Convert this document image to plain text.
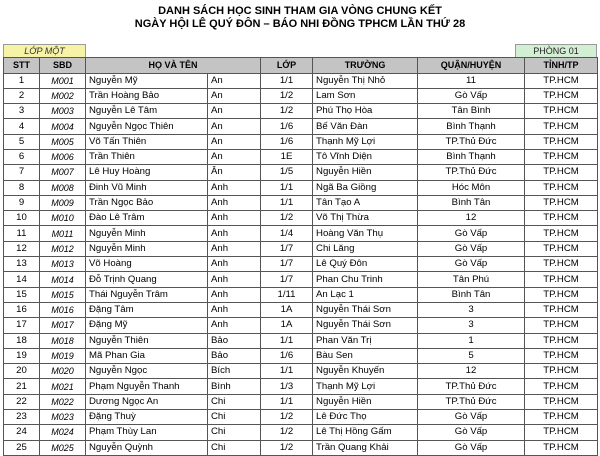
DANH SÁCH HỌC SINH THAM GIA VÒNG CHUNG KẾT
NGÀY HỘI LÊ QUÝ ĐÔN – BÁO NHI ĐỒNG TPHCM LẦN THỨ 28
LỚP MỘT	PHÒNG 01
STT	SBD	HỌ VÀ TÊN		LỚP	TRƯỜNG	QUẬN/HUYỆN	TỈNH/TP
1	M001	Nguyễn Mỹ	An	1/1	Nguyễn Thị Nhỏ	11	TP.HCM
2	M002	Trần Hoàng Bảo	An	1/2	Lam Sơn	Gò Vấp	TP.HCM
3	M003	Nguyễn Lê Tâm	An	1/2	Phú Thọ Hòa	Tân Bình	TP.HCM
4	M004	Nguyễn Ngọc Thiên	An	1/6	Bế Văn Đàn	Bình Thạnh	TP.HCM
5	M005	Võ Tấn Thiên	An	1/6	Thạnh Mỹ Lợi	TP.Thủ Đức	TP.HCM
6	M006	Trần Thiên	An	1E	Tô Vĩnh Diện	Bình Thạnh	TP.HCM
7	M007	Lê Huy Hoàng	Ân	1/5	Nguyễn Hiền	TP.Thủ Đức	TP.HCM
8	M008	Đinh Vũ Minh	Anh	1/1	Ngã Ba Giồng	Hóc Môn	TP.HCM
9	M009	Trần Ngọc Bảo	Anh	1/1	Tân Tạo A	Bình Tân	TP.HCM
10	M010	Đào Lê Trâm	Anh	1/2	Võ Thị Thừa	12	TP.HCM
11	M011	Nguyễn Minh	Anh	1/4	Hoàng Văn Thụ	Gò Vấp	TP.HCM
12	M012	Nguyễn Minh	Anh	1/7	Chi Lăng	Gò Vấp	TP.HCM
13	M013	Võ Hoàng	Anh	1/7	Lê Quý Đôn	Gò Vấp	TP.HCM
14	M014	Đỗ Trịnh Quang	Anh	1/7	Phan Chu Trinh	Tân Phú	TP.HCM
15	M015	Thái Nguyễn Trâm	Anh	1/11	An Lạc 1	Bình Tân	TP.HCM
16	M016	Đặng Tâm	Anh	1A	Nguyễn Thái Sơn	3	TP.HCM
17	M017	Đặng Mỹ	Anh	1A	Nguyễn Thái Sơn	3	TP.HCM
18	M018	Nguyễn Thiên	Bảo	1/1	Phan Văn Trị	1	TP.HCM
19	M019	Mã Phan Gia	Bảo	1/6	Bàu Sen	5	TP.HCM
20	M020	Nguyễn Ngọc	Bích	1/1	Nguyễn Khuyến	12	TP.HCM
21	M021	Phạm Nguyễn Thanh	Bình	1/3	Thạnh Mỹ Lợi	TP.Thủ Đức	TP.HCM
22	M022	Dương Ngọc An	Chi	1/1	Nguyễn Hiền	TP.Thủ Đức	TP.HCM
23	M023	Đặng Thuỳ	Chi	1/2	Lê Đức Thọ	Gò Vấp	TP.HCM
24	M024	Phạm Thùy Lan	Chi	1/2	Lê Thị Hồng Gấm	Gò Vấp	TP.HCM
25	M025	Nguyễn Quỳnh	Chi	1/2	Trần Quang Khải	Gò Vấp	TP.HCM
